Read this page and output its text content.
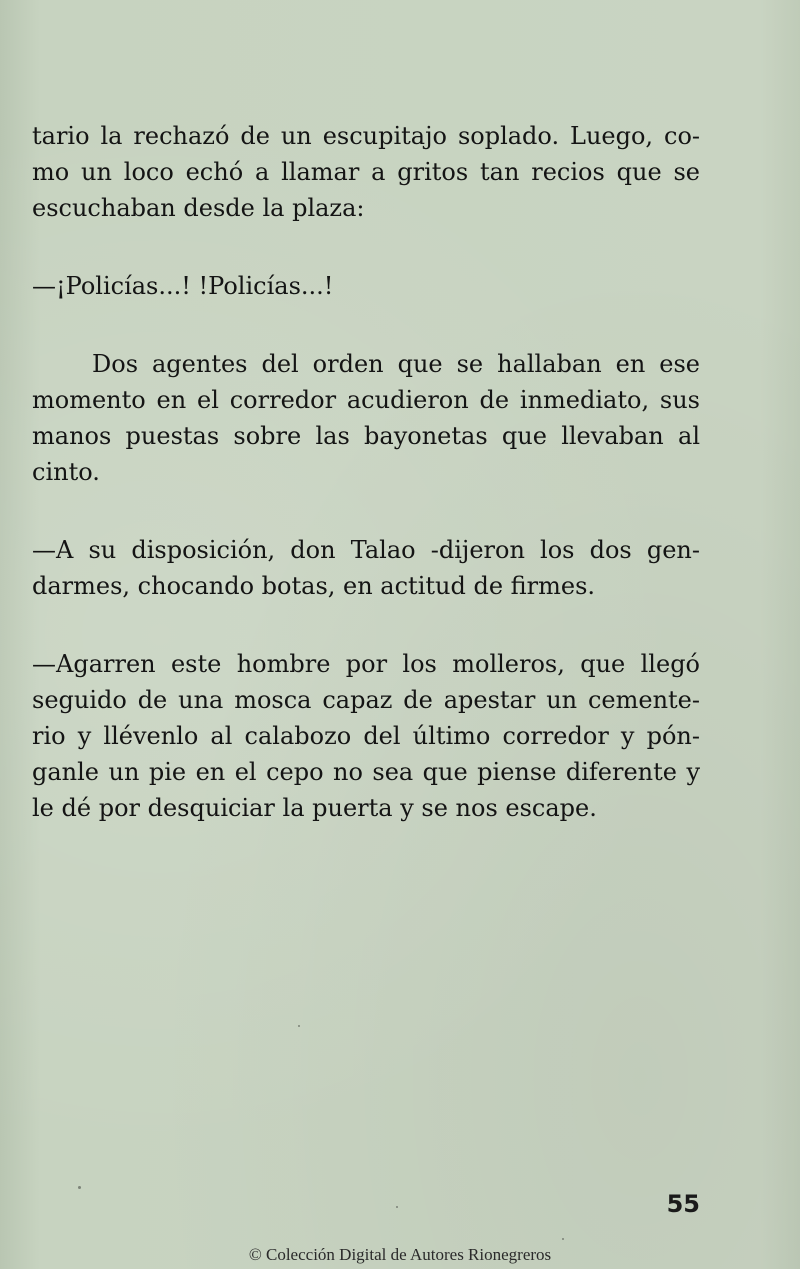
tario la rechazó de un escupitajo soplado. Luego, co-
mo un loco echó a llamar a gritos tan recios que se
escuchaban desde la plaza:
—¡Policías...! !Policías...!
Dos agentes del orden que se hallaban en ese
momento en el corredor acudieron de inmediato, sus
manos puestas sobre las bayonetas que llevaban al
cinto.
—A su disposición, don Talao -dijeron los dos gen-
darmes, chocando botas, en actitud de firmes.
—Agarren este hombre por los molleros, que llegó
seguido de una mosca capaz de apestar un cemente-
rio y llévenlo al calabozo del último corredor y pón-
ganle un pie en el cepo no sea que piense diferente y
le dé por desquiciar la puerta y se nos escape.
55
© Colección Digital de Autores Rionegreros
